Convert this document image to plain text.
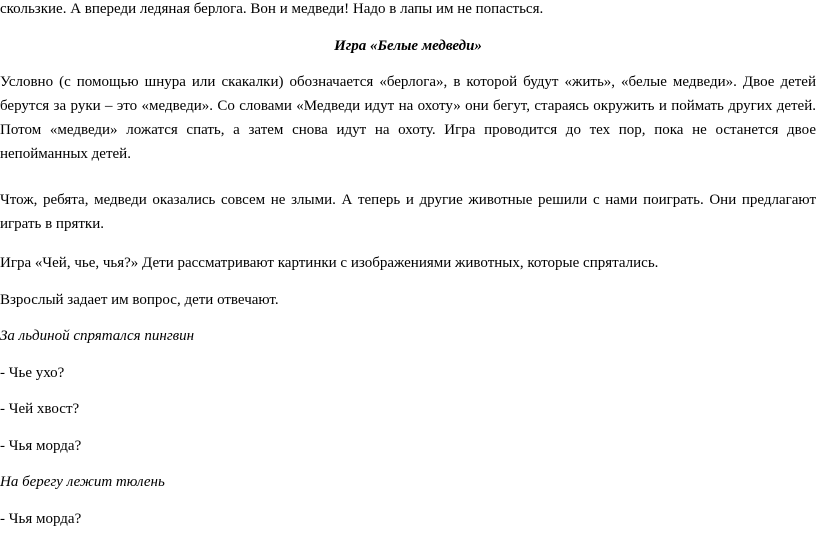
скользкие. А впереди ледяная берлога. Вон и медведи! Надо в лапы им не попасться.

Игра «Белые медведи»

Условно (с помощью шнура или скакалки) обозначается «берлога», в которой будут «жить», «белые медведи». Двое детей берутся за руки – это «медведи». Со словами «Медведи идут на охоту» они бегут, стараясь окружить и поймать других детей. Потом «медведи» ложатся спать, а затем снова идут на охоту. Игра проводится до тех пор, пока не останется двое непойманных детей.

Чтож, ребята, медведи оказались совсем не злыми. А теперь и другие животные решили с нами поиграть. Они предлагают играть в прятки.

Игра «Чей, чье, чья?» Дети рассматривают картинки с изображениями животных, которые спрятались.

Взрослый задает им вопрос, дети отвечают.

За льдиной спрятался пингвин

- Чье ухо?

- Чей хвост?

- Чья морда?

На берегу лежит тюлень

- Чья морда?
